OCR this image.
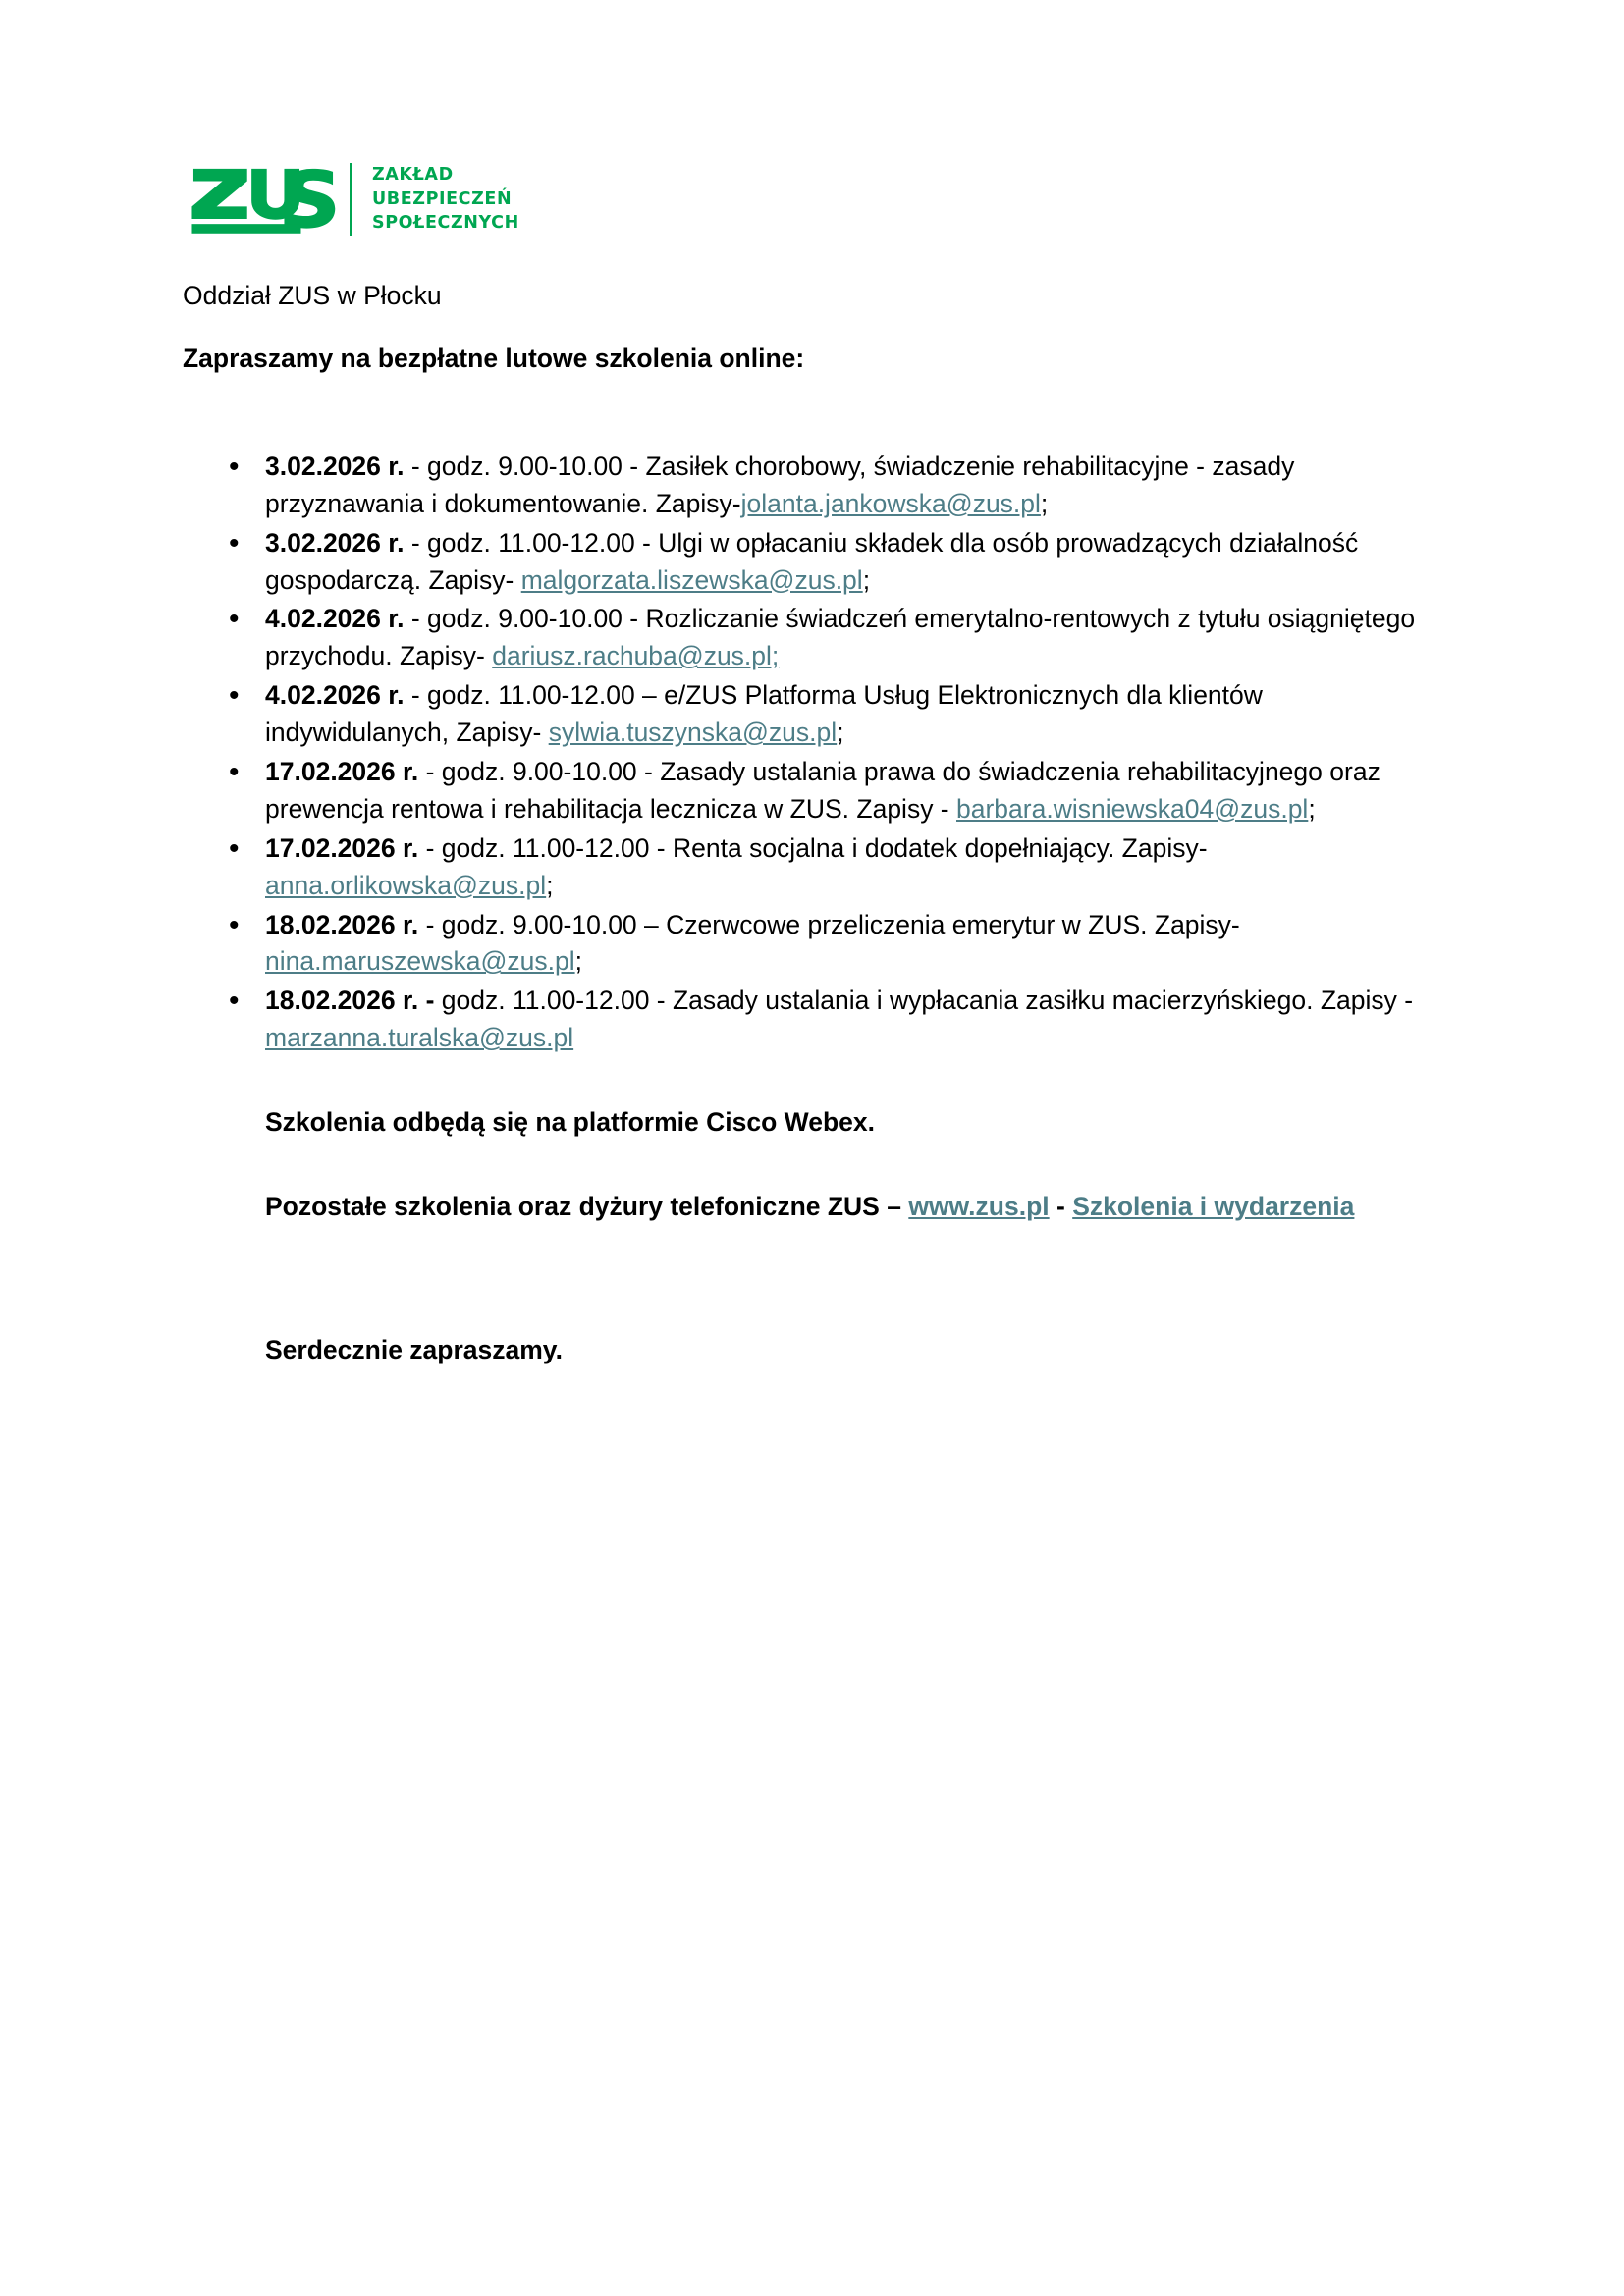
ZAKŁAD
UBEZPIECZEŃ
SPOŁECZNYCH

Oddział ZUS w Płocku

Zapraszamy na bezpłatne lutowe szkolenia online:

• 3.02.2026 r. - godz. 9.00-10.00 - Zasiłek chorobowy, świadczenie rehabilitacyjne - zasady przyznawania i dokumentowanie. Zapisy-jolanta.jankowska@zus.pl;
• 3.02.2026 r. - godz. 11.00-12.00 - Ulgi w opłacaniu składek dla osób prowadzących działalność gospodarczą. Zapisy- malgorzata.liszewska@zus.pl;
• 4.02.2026 r. - godz. 9.00-10.00 - Rozliczanie świadczeń emerytalno-rentowych z tytułu osiągniętego przychodu. Zapisy- dariusz.rachuba@zus.pl;
• 4.02.2026 r. - godz. 11.00-12.00 – e/ZUS Platforma Usług Elektronicznych dla klientów indywidulanych, Zapisy- sylwia.tuszynska@zus.pl;
• 17.02.2026 r. - godz. 9.00-10.00 - Zasady ustalania prawa do świadczenia rehabilitacyjnego oraz prewencja rentowa i rehabilitacja lecznicza w ZUS. Zapisy - barbara.wisniewska04@zus.pl;
• 17.02.2026 r. - godz. 11.00-12.00 - Renta socjalna i dodatek dopełniający. Zapisy- anna.orlikowska@zus.pl;
• 18.02.2026 r. - godz. 9.00-10.00 – Czerwcowe przeliczenia emerytur w ZUS. Zapisy- nina.maruszewska@zus.pl;
• 18.02.2026 r. - godz. 11.00-12.00 - Zasady ustalania i wypłacania zasiłku macierzyńskiego. Zapisy - marzanna.turalska@zus.pl

Szkolenia odbędą się na platformie Cisco Webex.

Pozostałe szkolenia oraz dyżury telefoniczne ZUS – www.zus.pl - Szkolenia i wydarzenia

Serdecznie zapraszamy.
